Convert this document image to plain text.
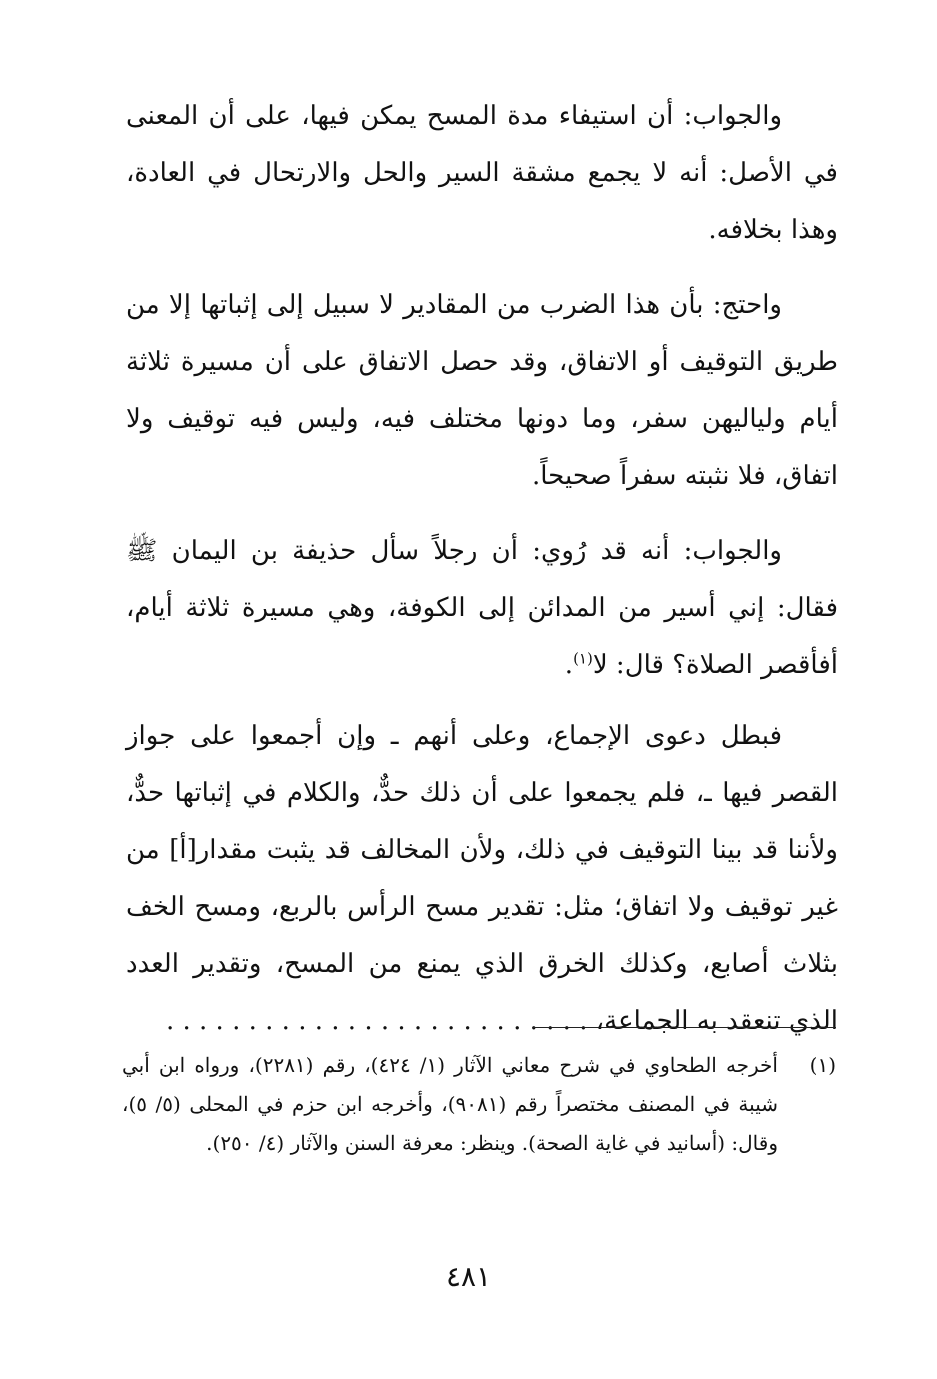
والجواب: أن استيفاء مدة المسح يمكن فيها، على أن المعنى في الأصل: أنه لا يجمع مشقة السير والحل والارتحال في العادة، وهذا بخلافه.

واحتج: بأن هذا الضرب من المقادير لا سبيل إلى إثباتها إلا من طريق التوقيف أو الاتفاق، وقد حصل الاتفاق على أن مسيرة ثلاثة أيام ولياليهن سفر، وما دونها مختلف فيه، وليس فيه توقيف ولا اتفاق، فلا نثبته سفراً صحيحاً.

والجواب: أنه قد رُوي: أن رجلاً سأل حذيفة بن اليمان ﷺ فقال: إني أسير من المدائن إلى الكوفة، وهي مسيرة ثلاثة أيام، أفأقصر الصلاة؟ قال: لا$^{(١)}$.

فبطل دعوى الإجماع، وعلى أنهم ـ وإن أجمعوا على جواز القصر فيها ـ، فلم يجمعوا على أن ذلك حدٌّ، والكلام في إثباتها حدٌّ، ولأننا قد بينا التوقيف في ذلك، ولأن المخالف قد يثبت مقدار[أ] من غير توقيف ولا اتفاق؛ مثل: تقدير مسح الرأس بالربع، ومسح الخف بثلاث أصابع، وكذلك الخرق الذي يمنع من المسح، وتقدير العدد الذي تنعقد به الجماعة، . . . . . . . . . . . . . . . . . . . . . . . . . .

(١)
أخرجه الطحاوي في شرح معاني الآثار (١/ ٤٢٤)، رقم (٢٢٨١)، ورواه ابن أبي شيبة في المصنف مختصراً رقم (٩٠٨١)، وأخرجه ابن حزم في المحلى (٥/ ٥)، وقال: (أسانيد في غاية الصحة). وينظر: معرفة السنن والآثار (٤/ ٢٥٠).
٤٨١
